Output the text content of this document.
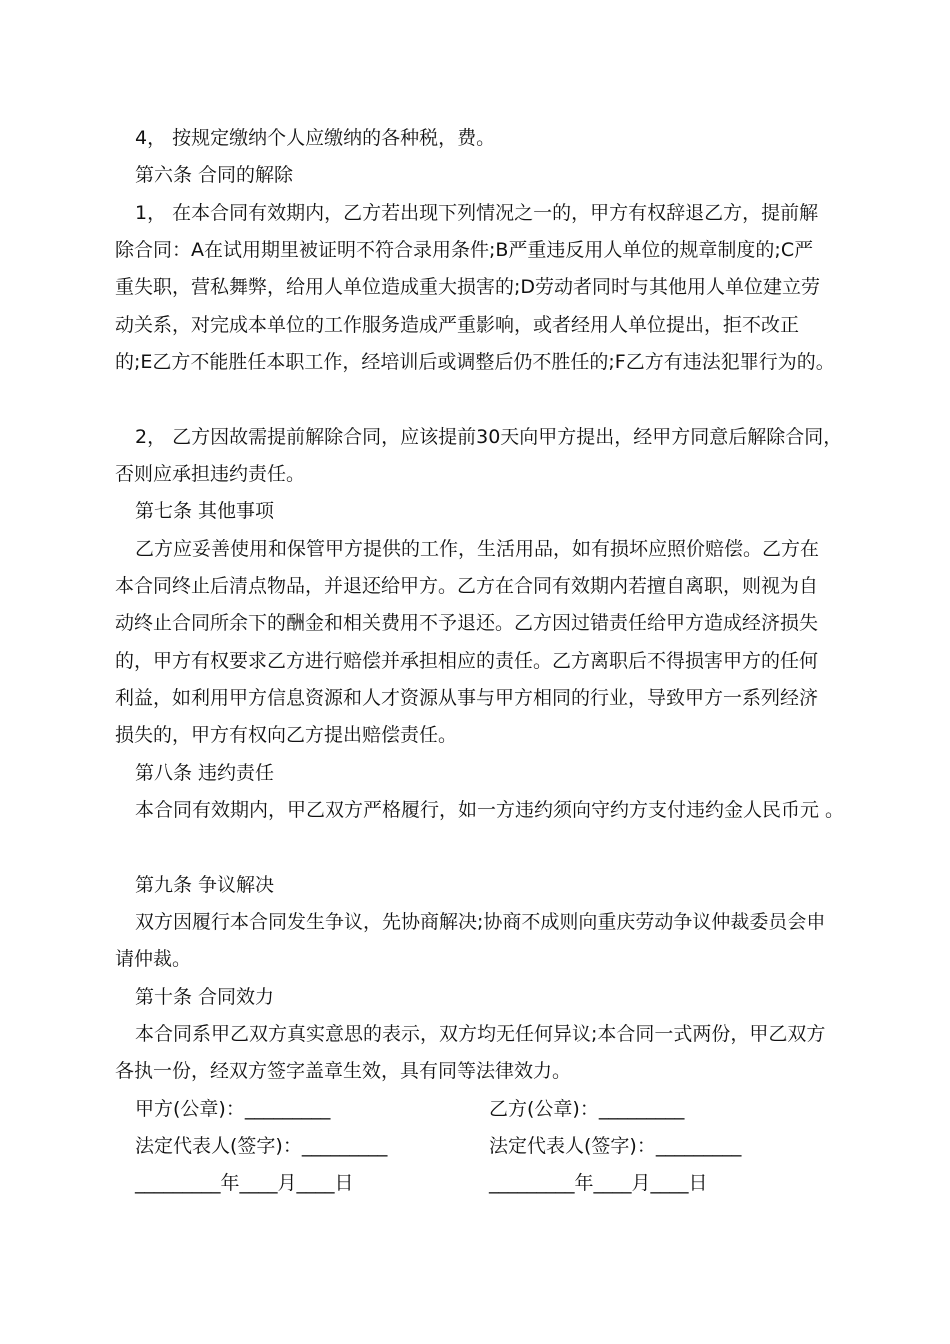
4， 按规定缴纳个人应缴纳的各种税，费。

第六条 合同的解除

1， 在本合同有效期内，乙方若出现下列情况之一的，甲方有权辞退乙方，提前解

除合同：A在试用期里被证明不符合录用条件;B严重违反用人单位的规章制度的;C严

重失职，营私舞弊，给用人单位造成重大损害的;D劳动者同时与其他用人单位建立劳

动关系，对完成本单位的工作服务造成严重影响，或者经用人单位提出，拒不改正

的;E乙方不能胜任本职工作，经培训后或调整后仍不胜任的;F乙方有违法犯罪行为的。

2， 乙方因故需提前解除合同，应该提前30天向甲方提出，经甲方同意后解除合同，

否则应承担违约责任。

第七条 其他事项

乙方应妥善使用和保管甲方提供的工作，生活用品，如有损坏应照价赔偿。乙方在

本合同终止后清点物品，并退还给甲方。乙方在合同有效期内若擅自离职，则视为自

动终止合同所余下的酬金和相关费用不予退还。乙方因过错责任给甲方造成经济损失

的，甲方有权要求乙方进行赔偿并承担相应的责任。乙方离职后不得损害甲方的任何

利益，如利用甲方信息资源和人才资源从事与甲方相同的行业，导致甲方一系列经济

损失的，甲方有权向乙方提出赔偿责任。

第八条 违约责任

本合同有效期内，甲乙双方严格履行，如一方违约须向守约方支付违约金人民币元 。

第九条 争议解决

双方因履行本合同发生争议，先协商解决;协商不成则向重庆劳动争议仲裁委员会申

请仲裁。

第十条 合同效力

本合同系甲乙双方真实意思的表示，双方均无任何异议;本合同一式两份，甲乙双方

各执一份，经双方签字盖章生效，具有同等法律效力。

甲方(公章)：_________	乙方(公章)：_________

法定代表人(签字)：_________	法定代表人(签字)：_________

_________年____月____日	_________年____月____日
